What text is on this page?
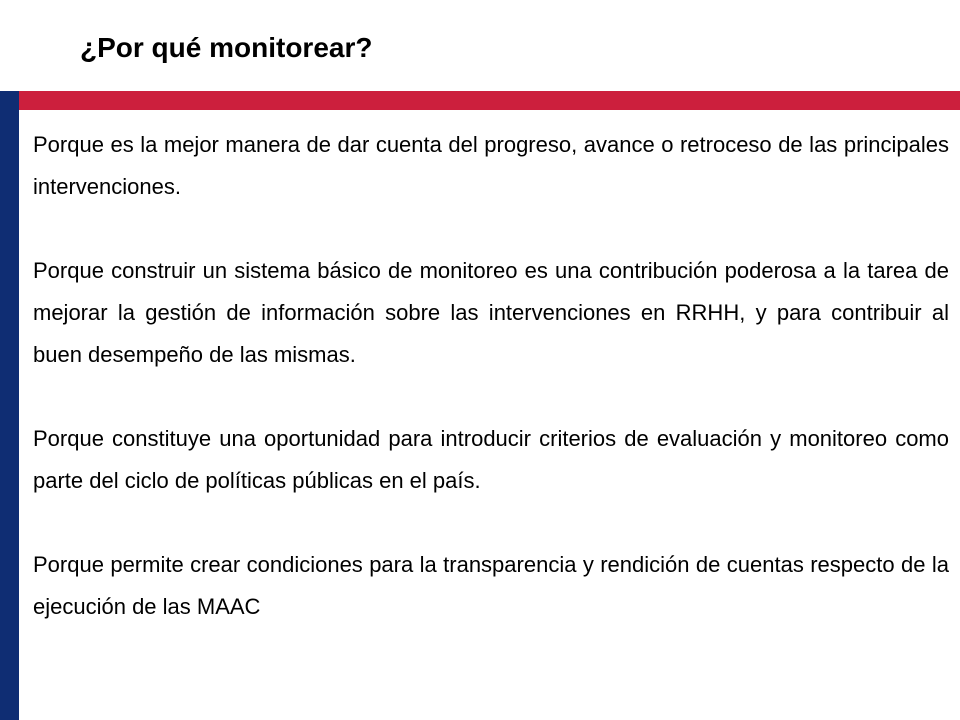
¿Por qué monitorear?

Porque es la mejor manera de dar cuenta del progreso, avance o retroceso de las principales intervenciones.

Porque construir un sistema básico de monitoreo es una contribución poderosa a la tarea de mejorar la gestión de información sobre las intervenciones en RRHH, y para contribuir al buen desempeño de las mismas.

Porque constituye una oportunidad para introducir criterios de evaluación y monitoreo como parte del ciclo de políticas públicas en el país.

Porque permite crear condiciones para la transparencia y rendición de cuentas respecto de la ejecución de las MAAC
